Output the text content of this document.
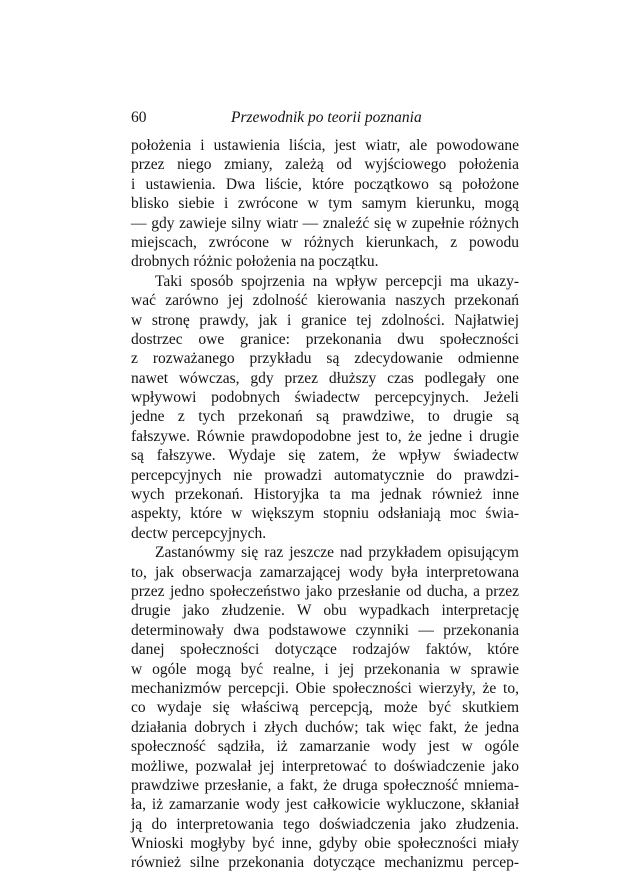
60	Przewodnik po teorii poznania
położenia i ustawienia liścia, jest wiatr, ale powodowane
przez niego zmiany, zależą od wyjściowego położenia
i ustawienia. Dwa liście, które początkowo są położone
blisko siebie i zwrócone w tym samym kierunku, mogą
— gdy zawieje silny wiatr — znaleźć się w zupełnie różnych
miejscach, zwrócone w różnych kierunkach, z powodu
drobnych różnic położenia na początku.
Taki sposób spojrzenia na wpływ percepcji ma ukazy-
wać zarówno jej zdolność kierowania naszych przekonań
w stronę prawdy, jak i granice tej zdolności. Najłatwiej
dostrzec owe granice: przekonania dwu społeczności
z rozważanego przykładu są zdecydowanie odmienne
nawet wówczas, gdy przez dłuższy czas podlegały one
wpływowi podobnych świadectw percepcyjnych. Jeżeli
jedne z tych przekonań są prawdziwe, to drugie są
fałszywe. Równie prawdopodobne jest to, że jedne i drugie
są fałszywe. Wydaje się zatem, że wpływ świadectw
percepcyjnych nie prowadzi automatycznie do prawdzi-
wych przekonań. Historyjka ta ma jednak również inne
aspekty, które w większym stopniu odsłaniają moc świa-
dectw percepcyjnych.
Zastanówmy się raz jeszcze nad przykładem opisującym
to, jak obserwacja zamarzającej wody była interpretowana
przez jedno społeczeństwo jako przesłanie od ducha, a przez
drugie jako złudzenie. W obu wypadkach interpretację
determinowały dwa podstawowe czynniki — przekonania
danej społeczności dotyczące rodzajów faktów, które
w ogóle mogą być realne, i jej przekonania w sprawie
mechanizmów percepcji. Obie społeczności wierzyły, że to,
co wydaje się właściwą percepcją, może być skutkiem
działania dobrych i złych duchów; tak więc fakt, że jedna
społeczność sądziła, iż zamarzanie wody jest w ogóle
możliwe, pozwalał jej interpretować to doświadczenie jako
prawdziwe przesłanie, a fakt, że druga społeczność mniema-
ła, iż zamarzanie wody jest całkowicie wykluczone, skłaniał
ją do interpretowania tego doświadczenia jako złudzenia.
Wnioski mogłyby być inne, gdyby obie społeczności miały
również silne przekonania dotyczące mechanizmu percep-
